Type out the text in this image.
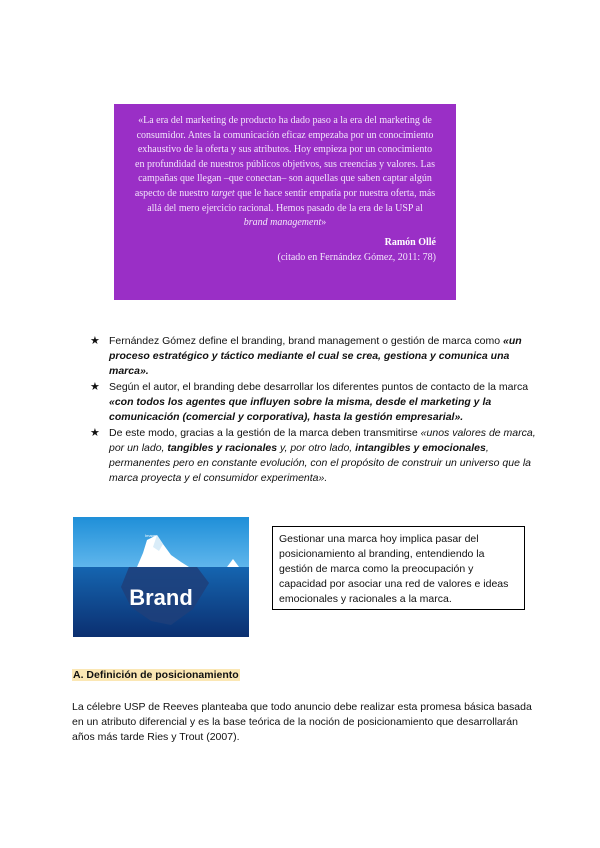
«La era del marketing de producto ha dado paso a la era del marketing de consumidor. Antes la comunicación eficaz empezaba por un conocimiento exhaustivo de la oferta y sus atributos. Hoy empieza por un conocimiento en profundidad de nuestros públicos objetivos, sus creencias y valores. Las campañas que llegan –que conectan– son aquellas que saben captar algún aspecto de nuestro target que le hace sentir empatía por nuestra oferta, más allá del mero ejercicio racional. Hemos pasado de la era de la USP al brand management»

Ramón Ollé

(citado en Fernández Gómez, 2011: 78)

★ Fernández Gómez define el branding, brand management o gestión de marca como «un proceso estratégico y táctico mediante el cual se crea, gestiona y comunica una marca».
★ Según el autor, el branding debe desarrollar los diferentes puntos de contacto de la marca «con todos los agentes que influyen sobre la misma, desde el marketing y la comunicación (comercial y corporativa), hasta la gestión empresarial».
★ De este modo, gracias a la gestión de la marca deben transmitirse «unos valores de marca, por un lado, tangibles y racionales y, por otro lado, intangibles y emocionales, permanentes pero en constante evolución, con el propósito de construir un universo que la marca proyecta y el consumidor experimenta».
Image
Brand
Gestionar una marca hoy implica pasar del posicionamiento al branding, entendiendo la gestión de marca como la preocupación y capacidad por asociar una red de valores e ideas emocionales y racionales a la marca.
A. Definición de posicionamiento

La célebre USP de Reeves planteaba que todo anuncio debe realizar esta promesa básica basada en un atributo diferencial y es la base teórica de la noción de posicionamiento que desarrollarán años más tarde Ries y Trout (2007).
